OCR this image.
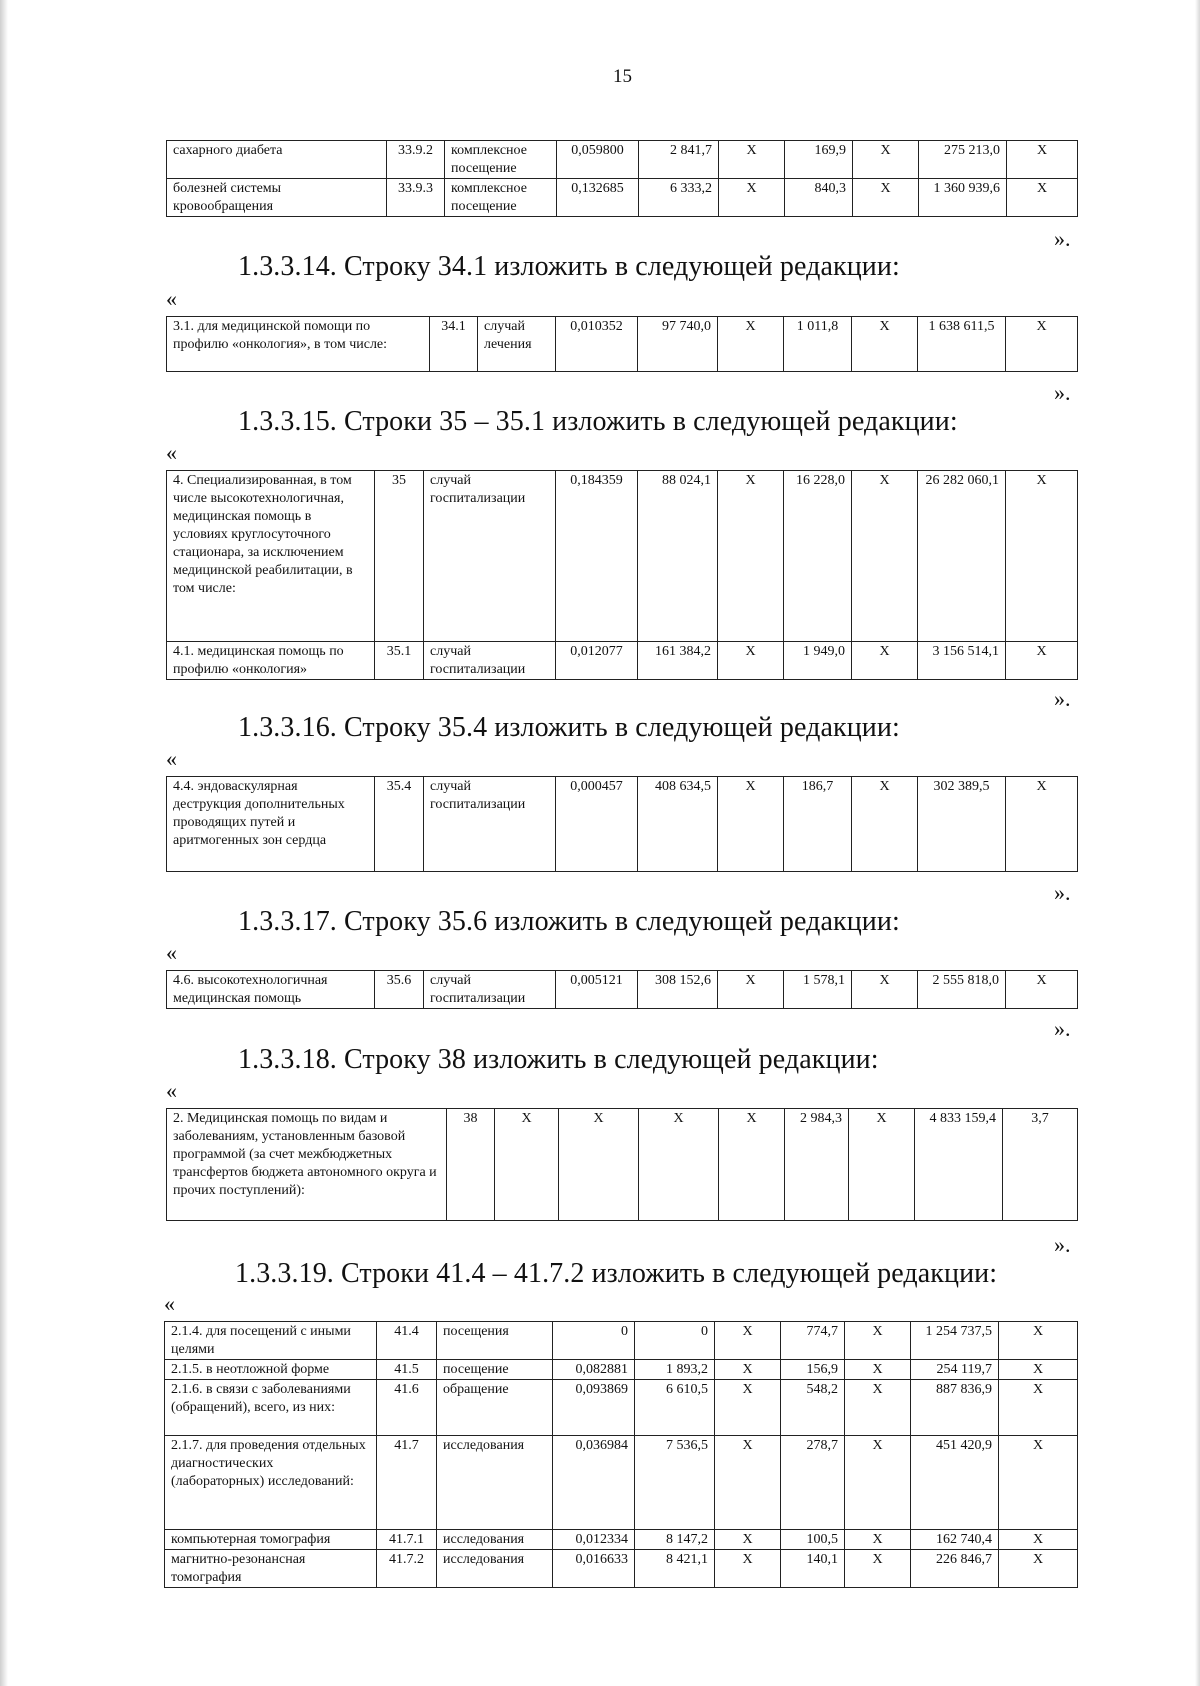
15
сахарного диабета	33.9.2	комплексное посещение	0,059800	2 841,7	Х	169,9	Х	275 213,0	Х
болезней системы кровообращения	33.9.3	комплексное посещение	0,132685	6 333,2	Х	840,3	Х	1 360 939,6	Х
».
1.3.3.14. Строку 34.1 изложить в следующей редакции:
«
3.1. для медицинской помощи по профилю «онкология», в том числе:	34.1	случай лечения	0,010352	97 740,0	Х	1 011,8	Х	1 638 611,5	Х
».
1.3.3.15. Строки 35 – 35.1 изложить в следующей редакции:
«
4. Специализированная, в том числе высокотехнологичная, медицинская помощь в условиях круглосуточного стационара, за исключением медицинской реабилитации, в том числе:	35	случай госпитализации	0,184359	88 024,1	Х	16 228,0	Х	26 282 060,1	Х
4.1. медицинская помощь по профилю «онкология»	35.1	случай госпитализации	0,012077	161 384,2	Х	1 949,0	Х	3 156 514,1	Х
».
1.3.3.16. Строку 35.4 изложить в следующей редакции:
«
4.4. эндоваскулярная деструкция дополнительных проводящих путей и аритмогенных зон сердца	35.4	случай госпитализации	0,000457	408 634,5	Х	186,7	Х	302 389,5	Х
».
1.3.3.17. Строку 35.6 изложить в следующей редакции:
«
4.6. высокотехнологичная медицинская помощь	35.6	случай госпитализации	0,005121	308 152,6	Х	1 578,1	Х	2 555 818,0	Х
».
1.3.3.18. Строку 38 изложить в следующей редакции:
«
2. Медицинская помощь по видам и заболеваниям, установленным базовой программой (за счет межбюджетных трансфертов бюджета автономного округа и прочих поступлений):	38	Х	Х	Х	Х	2 984,3	Х	4 833 159,4	3,7
».
1.3.3.19. Строки 41.4 – 41.7.2 изложить в следующей редакции:
«
2.1.4. для посещений с иными целями	41.4	посещения	0	0	Х	774,7	Х	1 254 737,5	Х
2.1.5. в неотложной форме	41.5	посещение	0,082881	1 893,2	Х	156,9	Х	254 119,7	Х
2.1.6. в связи с заболеваниями (обращений), всего, из них:	41.6	обращение	0,093869	6 610,5	Х	548,2	Х	887 836,9	Х
2.1.7. для проведения отдельных диагностических (лабораторных) исследований:	41.7	исследования	0,036984	7 536,5	Х	278,7	Х	451 420,9	Х
компьютерная томография	41.7.1	исследования	0,012334	8 147,2	Х	100,5	Х	162 740,4	Х
магнитно-резонансная томография	41.7.2	исследования	0,016633	8 421,1	Х	140,1	Х	226 846,7	Х
